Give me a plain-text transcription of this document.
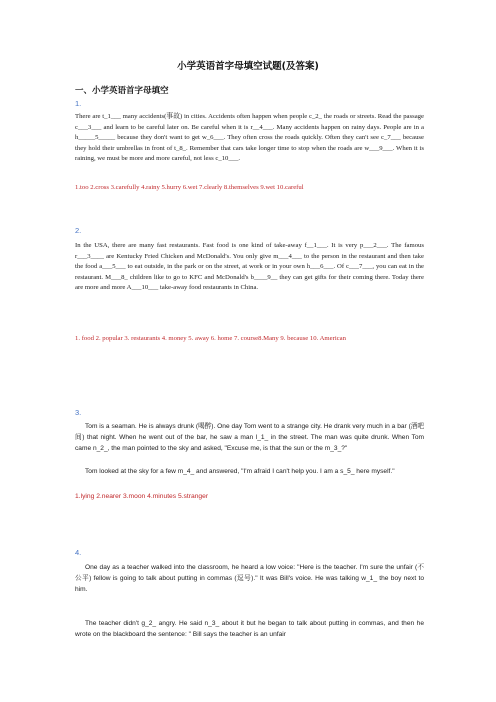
小学英语首字母填空试题(及答案)
一、小学英语首字母填空
1.

There are t_1___ many accidents(事故) in cities. Accidents often happen when people c_2_ the roads or streets. Read the passage c___3___ and learn to be careful later on. Be careful when it is r__4___. Many accidents happen on rainy days. People are in a h_____5_____ because they don't want to get w_6___. They often cross the roads quickly. Often they can't see c_7___ because they hold their umbrellas in front of t_8_. Remember that cars take longer time to stop when the roads are w___9___. When it is raining, we must be more and more careful, not less c_10___.

1.too 2.cross 3.carefully 4.rainy 5.hurry 6.wet 7.clearly 8.themselves 9.wet 10.careful
2.

In the USA, there are many fast restaurants. Fast food is one kind of take-away f__1___. It is very p___2___. The famous r___3____ are Kentucky Fried Chicken and McDonald's. You only give m___4___ to the person in the restaurant and then take the food a___5___ to eat outside, in the park or on the street, at work or in your own h___6___. Of c___7___, you can eat in the restaurant. M___8_ children like to go to KFC and McDonald's b____9__ they can get gifts for their coming there. Today there are more and more A___10___ take-away food restaurants in China.

1. food 2. popular 3. restaurants 4. money 5. away 6. home 7. course8.Many 9. because 10. American
3.

Tom is a seaman. He is always drunk (喝醉). One day Tom went to a strange city. He drank very much in a bar (酒吧间) that night. When he went out of the bar, he saw a man l_1_ in the street. The man was quite drunk. When Tom came n_2_, the man pointed to the sky and asked, "Excuse me, is that the sun or the m_3_?"

Tom looked at the sky for a few m_4_ and answered, "I'm afraid I can't help you. I am a s_5_ here myself."

1.lying 2.nearer 3.moon 4.minutes 5.stranger
4.

One day as a teacher walked into the classroom, he heard a low voice: "Here is the teacher. I'm sure the unfair (不公平) fellow is going to talk about putting in commas (逗号)." It was Bill's voice. He was talking w_1_ the boy next to him.

The teacher didn't g_2_ angry. He said n_3_ about it but he began to talk about putting in commas, and then he wrote on the blackboard the sentence: " Bill says the teacher is an unfair
